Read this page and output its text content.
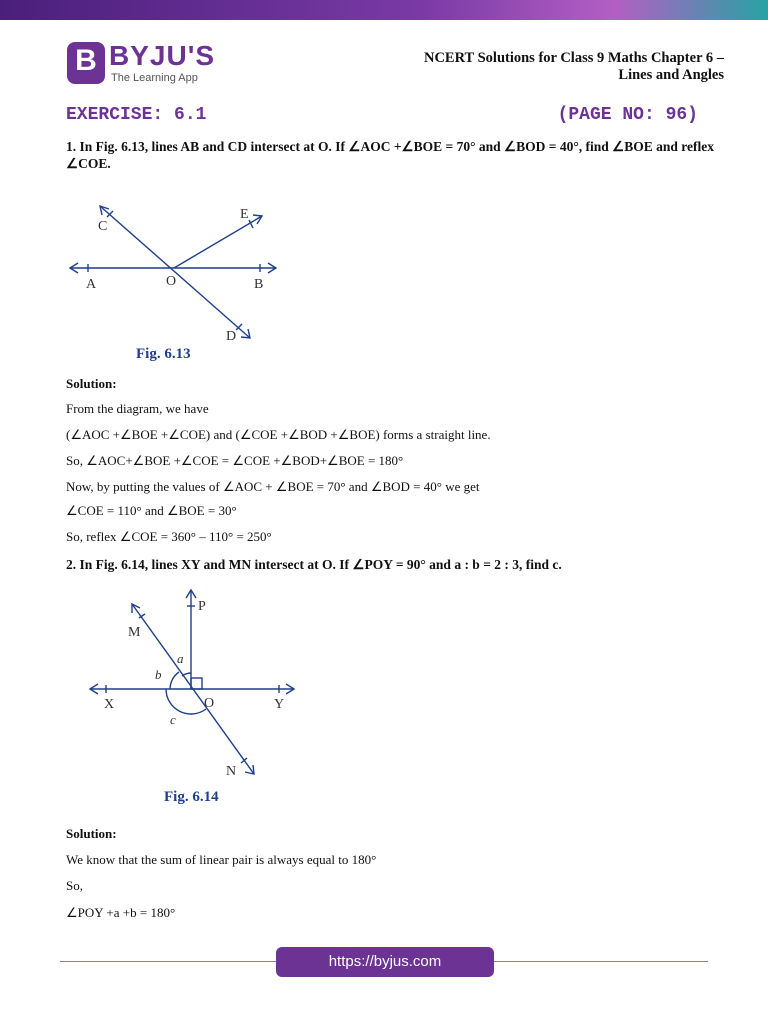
B BYJU'S
The Learning App
NCERT Solutions for Class 9 Maths Chapter 6 –
Lines and Angles
EXERCISE: 6.1	(PAGE NO: 96)
1. In Fig. 6.13, lines AB and CD intersect at O. If ∠AOC +∠BOE = 70° and ∠BOD = 40°, find ∠BOE and reflex
∠COE.
A	B
C
D
E
O
Fig. 6.13
Solution:
From the diagram, we have
(∠AOC +∠BOE +∠COE) and (∠COE +∠BOD +∠BOE) forms a straight line.
So, ∠AOC+∠BOE +∠COE = ∠COE +∠BOD+∠BOE = 180°
Now, by putting the values of ∠AOC + ∠BOE = 70° and ∠BOD = 40° we get
∠COE = 110° and ∠BOE = 30°
So, reflex ∠COE = 360° – 110° = 250°
2. In Fig. 6.14, lines XY and MN intersect at O. If ∠POY = 90° and a : b = 2 : 3, find c.
P
M
X	Y
N
O
a
b
c
Fig. 6.14
Solution:
We know that the sum of linear pair is always equal to 180°
So,
∠POY +a +b = 180°
https://byjus.com
